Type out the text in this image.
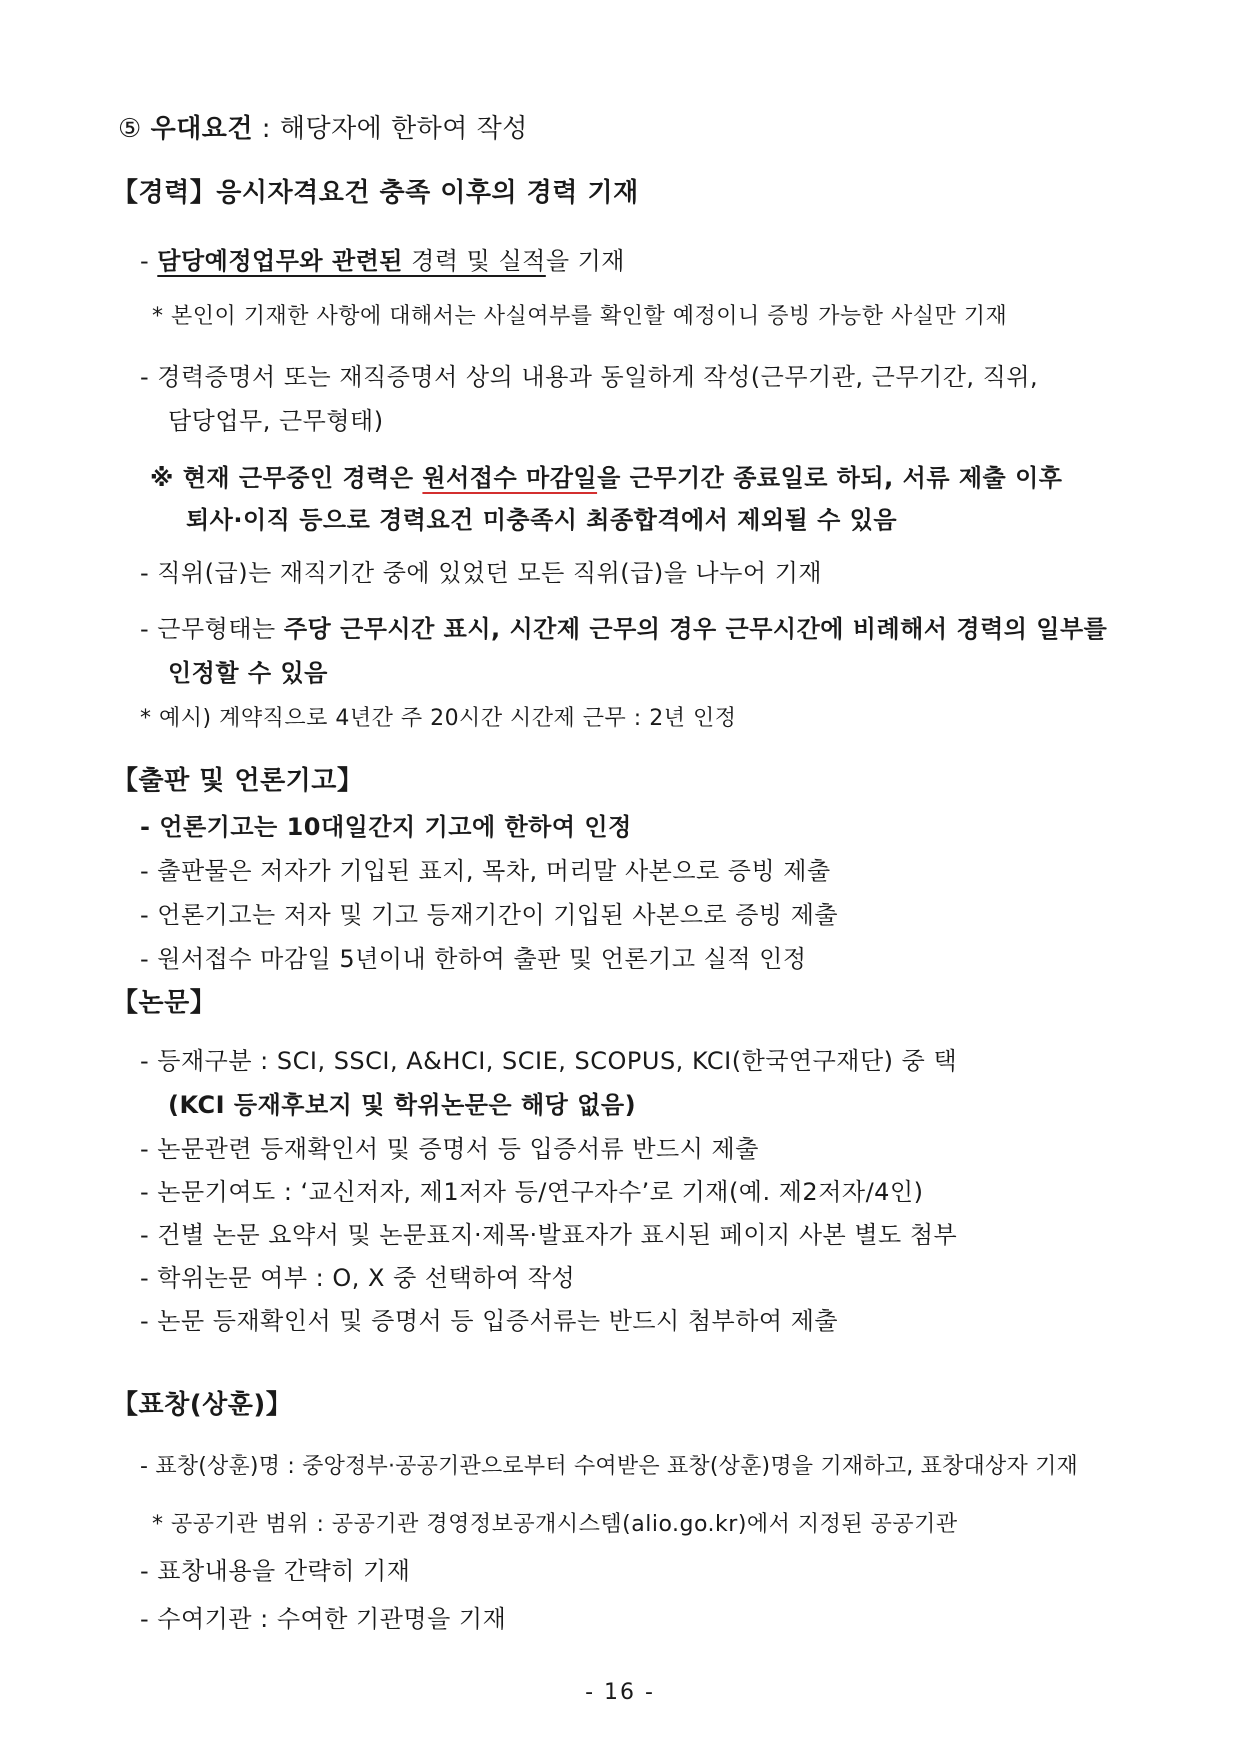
⑤ 우대요건 : 해당자에 한하여 작성
【경력】응시자격요건 충족 이후의 경력 기재
- 담당예정업무와 관련된 경력 및 실적을 기재
* 본인이 기재한 사항에 대해서는 사실여부를 확인할 예정이니 증빙 가능한 사실만 기재
- 경력증명서 또는 재직증명서 상의 내용과 동일하게 작성(근무기관, 근무기간, 직위,
담당업무, 근무형태)
※ 현재 근무중인 경력은 원서접수 마감일을 근무기간 종료일로 하되, 서류 제출 이후
퇴사·이직 등으로 경력요건 미충족시 최종합격에서 제외될 수 있음
- 직위(급)는 재직기간 중에 있었던 모든 직위(급)을 나누어 기재
- 근무형태는 주당 근무시간 표시, 시간제 근무의 경우 근무시간에 비례해서 경력의 일부를
인정할 수 있음
* 예시) 계약직으로 4년간 주 20시간 시간제 근무 : 2년 인정
【출판 및 언론기고】
- 언론기고는 10대일간지 기고에 한하여 인정
- 출판물은 저자가 기입된 표지, 목차, 머리말 사본으로 증빙 제출
- 언론기고는 저자 및 기고 등재기간이 기입된 사본으로 증빙 제출
- 원서접수 마감일 5년이내 한하여 출판 및 언론기고 실적 인정
【논문】
- 등재구분 : SCI, SSCI, A&HCI, SCIE, SCOPUS, KCI(한국연구재단) 중 택
(KCI 등재후보지 및 학위논문은 해당 없음)
- 논문관련 등재확인서 및 증명서 등 입증서류 반드시 제출
- 논문기여도 : ‘교신저자, 제1저자 등/연구자수’로 기재(예. 제2저자/4인)
- 건별 논문 요약서 및 논문표지·제목·발표자가 표시된 페이지 사본 별도 첨부
- 학위논문 여부 : O, X 중 선택하여 작성
- 논문 등재확인서 및 증명서 등 입증서류는 반드시 첨부하여 제출
【표창(상훈)】
- 표창(상훈)명 : 중앙정부·공공기관으로부터 수여받은 표창(상훈)명을 기재하고, 표창대상자 기재
* 공공기관 범위 : 공공기관 경영정보공개시스템(alio.go.kr)에서 지정된 공공기관
- 표창내용을 간략히 기재
- 수여기관 : 수여한 기관명을 기재
- 16 -
